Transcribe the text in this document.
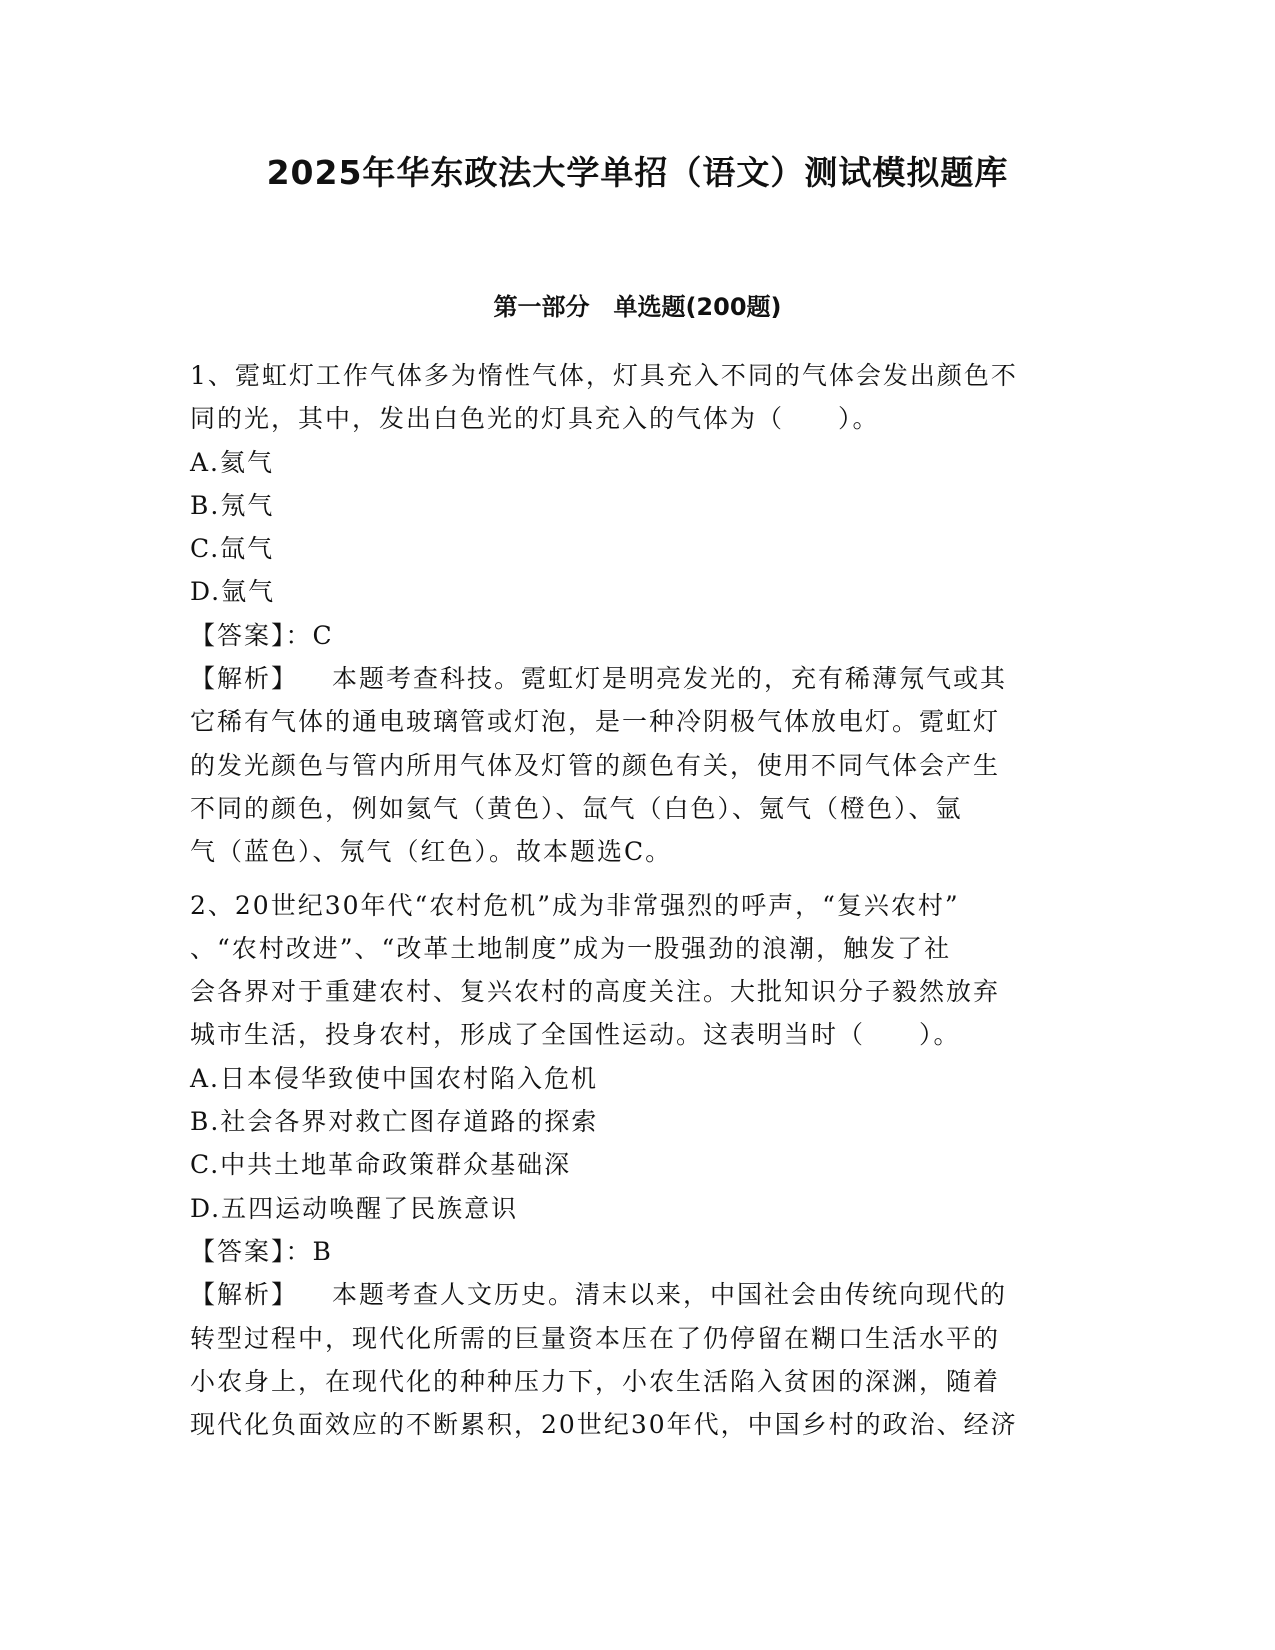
2025年华东政法大学单招（语文）测试模拟题库
第一部分　单选题(200题)

1、霓虹灯工作气体多为惰性气体，灯具充入不同的气体会发出颜色不

同的光，其中，发出白色光的灯具充入的气体为（　　）。

A.氦气

B.氖气

C.氙气

D.氩气

【答案】：C

【解析】 本题考查科技。霓虹灯是明亮发光的，充有稀薄氖气或其

它稀有气体的通电玻璃管或灯泡，是一种冷阴极气体放电灯。霓虹灯

的发光颜色与管内所用气体及灯管的颜色有关，使用不同气体会产生

不同的颜色，例如氦气（黄色）、氙气（白色）、氪气（橙色）、氩

气（蓝色）、氖气（红色）。故本题选C。

2、20世纪30年代“农村危机”成为非常强烈的呼声，“复兴农村”

、“农村改进”、“改革土地制度”成为一股强劲的浪潮，触发了社

会各界对于重建农村、复兴农村的高度关注。大批知识分子毅然放弃

城市生活，投身农村，形成了全国性运动。这表明当时（　　）。

A.日本侵华致使中国农村陷入危机

B.社会各界对救亡图存道路的探索

C.中共土地革命政策群众基础深

D.五四运动唤醒了民族意识

【答案】：B

【解析】 本题考查人文历史。清末以来，中国社会由传统向现代的

转型过程中，现代化所需的巨量资本压在了仍停留在糊口生活水平的

小农身上，在现代化的种种压力下，小农生活陷入贫困的深渊，随着

现代化负面效应的不断累积，20世纪30年代，中国乡村的政治、经济
